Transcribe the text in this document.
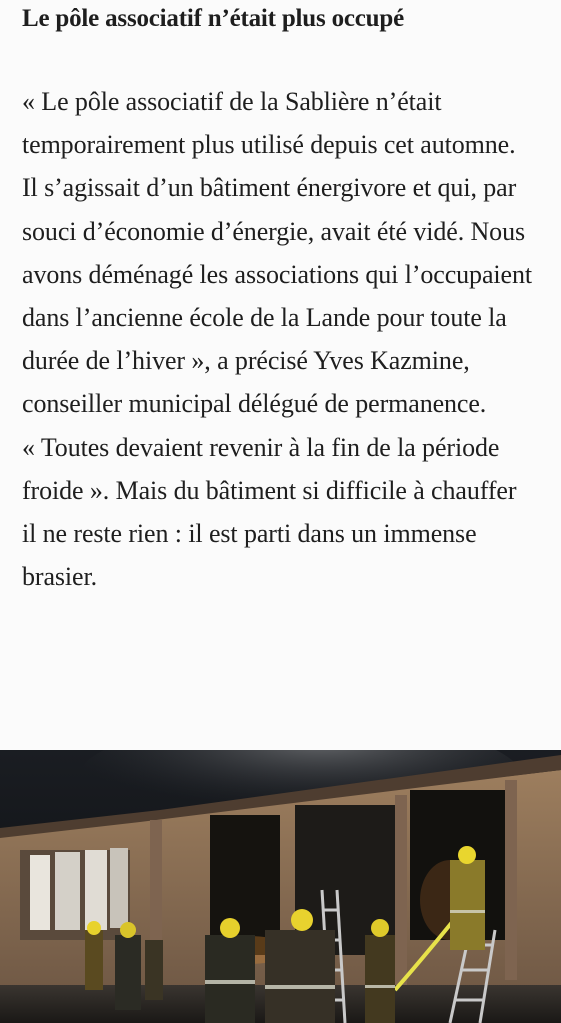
Le pôle associatif n’était plus occupé

« Le pôle associatif de la Sablière n’était temporairement plus utilisé depuis cet automne. Il s’agissait d’un bâtiment énergivore et qui, par souci d’économie d’énergie, avait été vidé. Nous avons déménagé les associations qui l’occupaient dans l’ancienne école de la Lande pour toute la durée de l’hiver », a précisé Yves Kazmine, conseiller municipal délégué de permanence.

« Toutes devaient revenir à la fin de la période froide ». Mais du bâtiment si difficile à chauffer il ne reste rien : il est parti dans un immense brasier.
